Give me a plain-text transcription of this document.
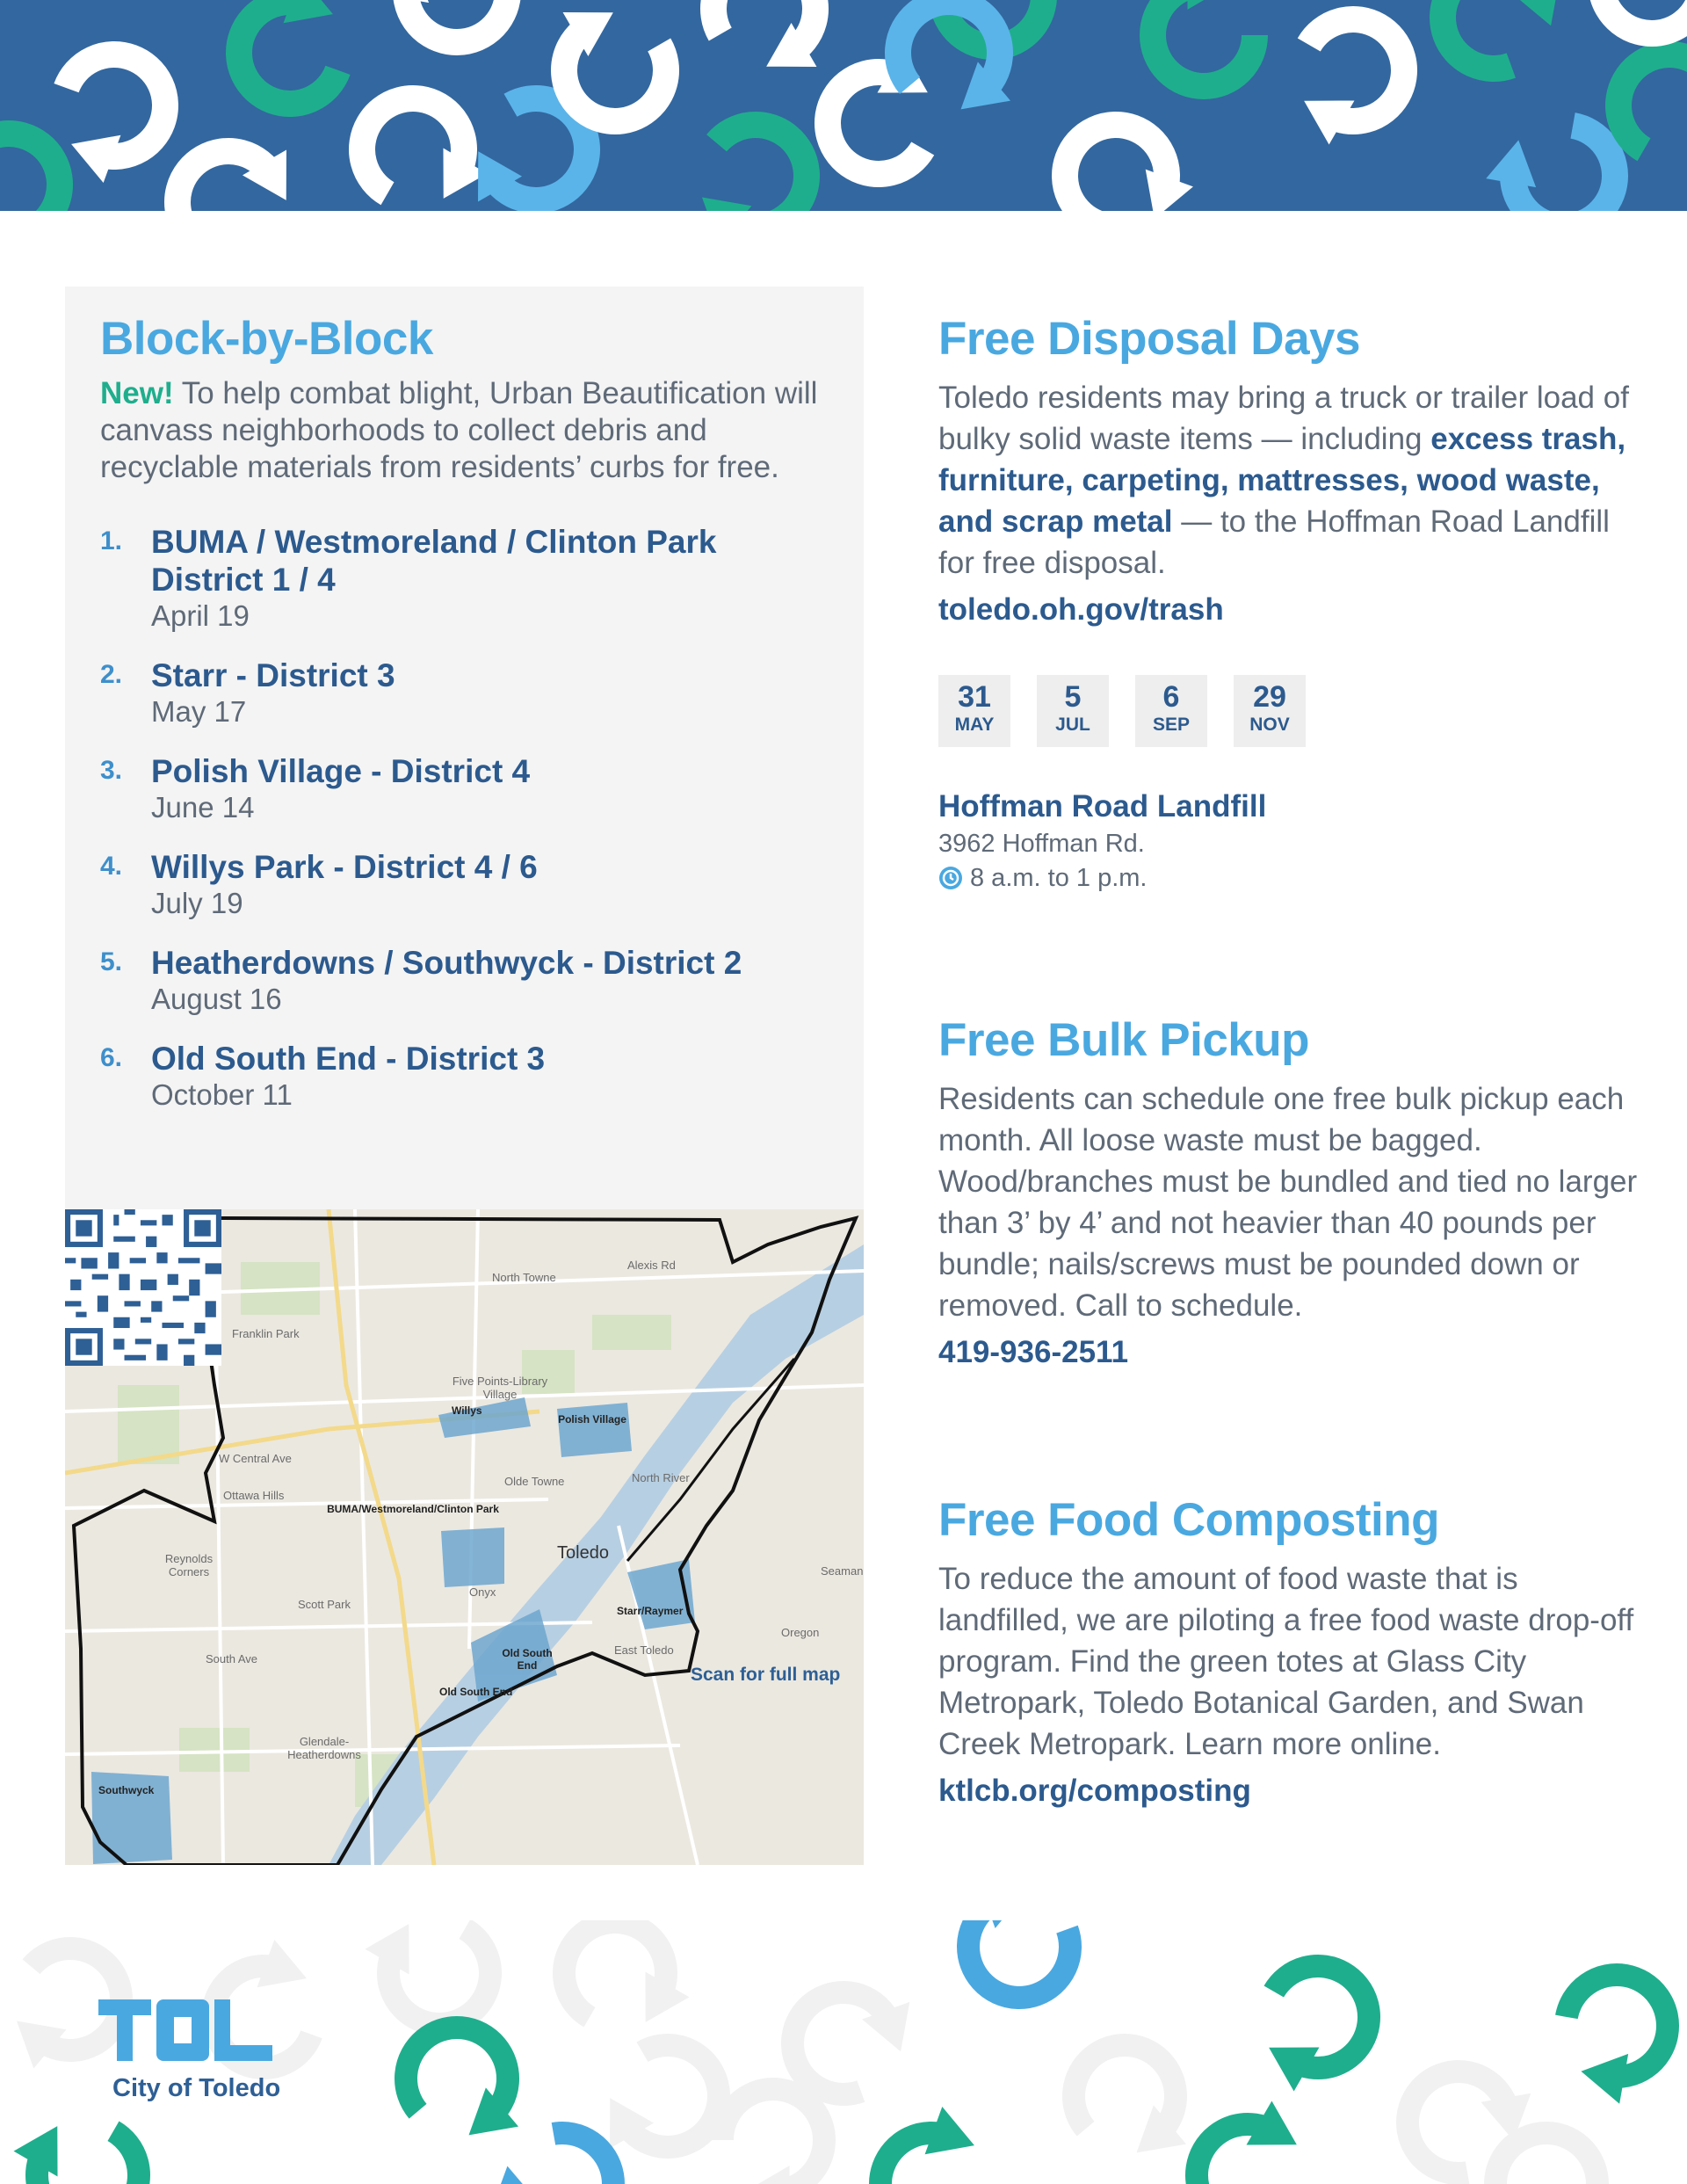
Block-by-Block

New! To help combat blight, Urban Beautification will canvass neighborhoods to collect debris and recyclable materials from residents’ curbs for free.

1. BUMA / Westmoreland / Clinton Park District 1 / 4
April 19
2. Starr - District 3
May 17
3. Polish Village - District 4
June 14
4. Willys Park - District 4 / 6
July 19
5. Heatherdowns / Southwyck - District 2
August 16
6. Old South End - District 3
October 11
Franklin Park
North Towne
Alexis Rd
Five Points-Library Village
Willys
Polish Village
W Central Ave
Ottawa Hills
BUMA/Westmoreland/Clinton Park
Olde Towne	North River
Toledo
Reynolds Corners
Onyx
Scott Park	Starr/Raymer
Seaman
Oregon
East Toledo
South Ave	Old South End
Old South End
Glendale-Heatherdowns
Southwyck
Scan for full map
Free Disposal Days

Toledo residents may bring a truck or trailer load of bulky solid waste items — including excess trash, furniture, carpeting, mattresses, wood waste, and scrap metal — to the Hoffman Road Landfill for free disposal.

toledo.oh.gov/trash
31
MAY
5
JUL
6
SEP
29
NOV
Hoffman Road Landfill
3962 Hoffman Rd.
8 a.m. to 1 p.m.
Free Bulk Pickup

Residents can schedule one free bulk pickup each month. All loose waste must be bagged. Wood/branches must be bundled and tied no larger than 3’ by 4’ and not heavier than 40 pounds per bundle; nails/screws must be pounded down or removed. Call to schedule.

419-936-2511
Free Food Composting

To reduce the amount of food waste that is landfilled, we are piloting a free food waste drop-off program. Find the green totes at Glass City Metropark, Toledo Botanical Garden, and Swan Creek Metropark. Learn more online.

ktlcb.org/composting
City of Toledo
